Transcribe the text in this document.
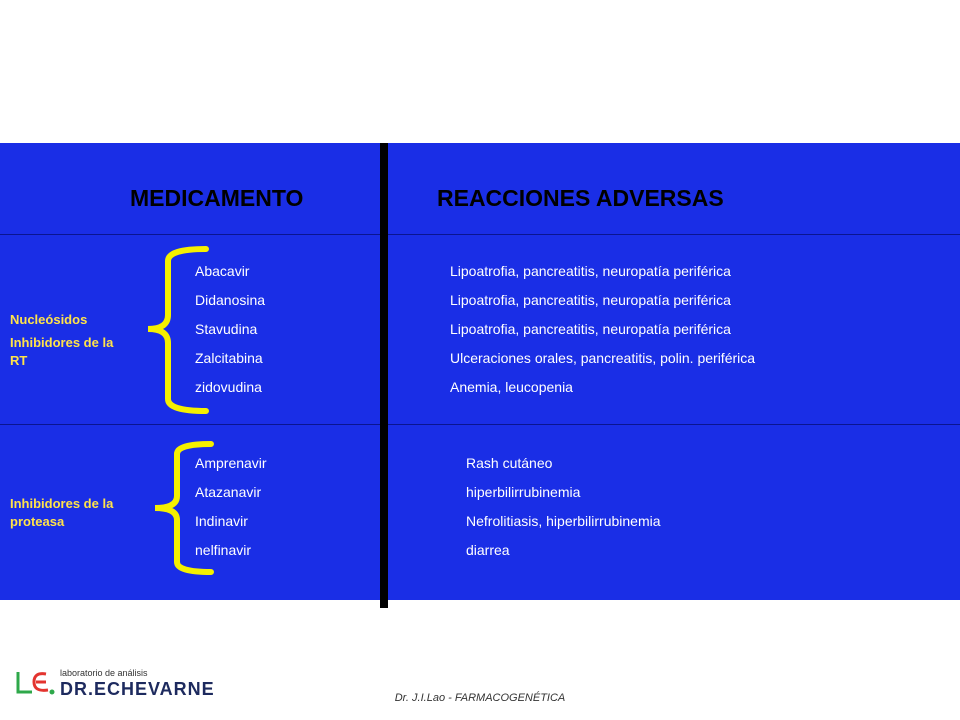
MEDICAMENTO	REACCIONES ADVERSAS
Nucleósidos
Inhibidores de la RT
Abacavir
Didanosina
Stavudina
Zalcitabina
zidovudina
Lipoatrofia, pancreatitis, neuropatía periférica
Lipoatrofia, pancreatitis, neuropatía periférica
Lipoatrofia, pancreatitis, neuropatía periférica
Ulceraciones orales, pancreatitis, polin. periférica
Anemia, leucopenia
Inhibidores de la proteasa
Amprenavir
Atazanavir
Indinavir
nelfinavir
Rash cutáneo
hiperbilirrubinemia
Nefrolitiasis, hiperbilirrubinemia
diarrea
laboratorio de análisis
DR.ECHEVARNE	Dr. J.I.Lao - FARMACOGENÉTICA
